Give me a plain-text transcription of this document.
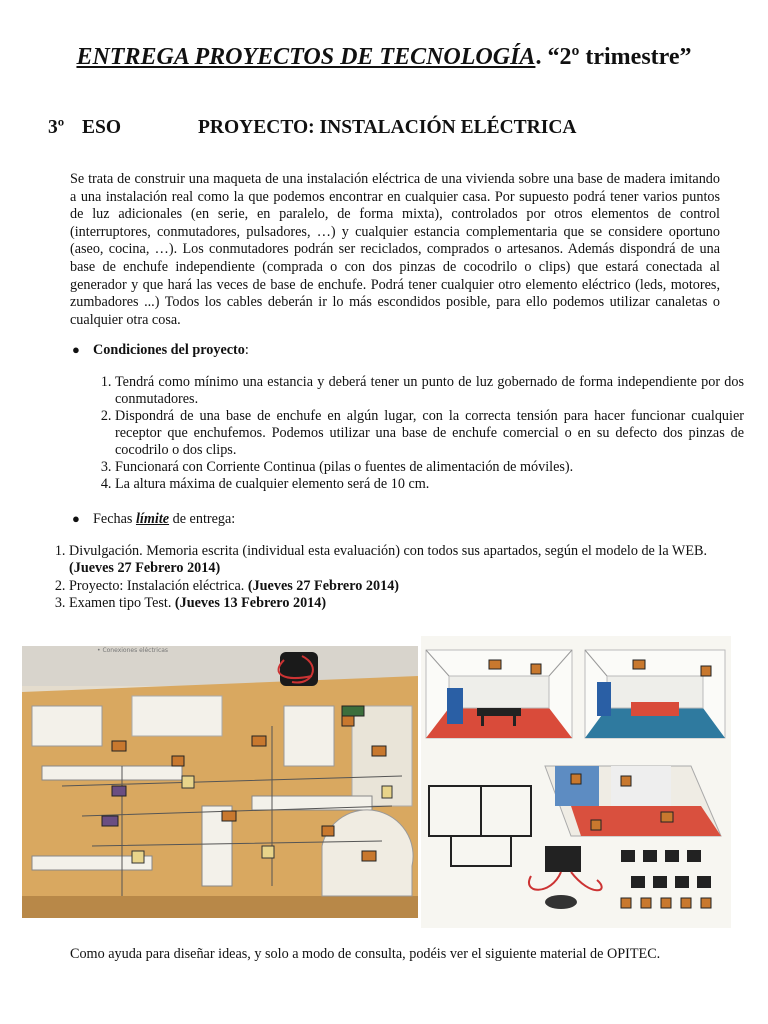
ENTREGA PROYECTOS DE TECNOLOGÍA. “2º trimestre”
3º ESO	PROYECTO: INSTALACIÓN ELÉCTRICA

Se trata de construir una maqueta de una instalación eléctrica de una vivienda sobre una base de madera imitando a una instalación real como la que podemos encontrar en cualquier casa. Por supuesto podrá tener varios puntos de luz adicionales (en serie, en paralelo, de forma mixta), controlados por otros elementos de control (interruptores, conmutadores, pulsadores, …) y cualquier estancia complementaria que se considere oportuno (aseo, cocina, …). Los conmutadores podrán ser reciclados, comprados o artesanos. Además dispondrá de una base de enchufe independiente (comprada o con dos pinzas de cocodrilo o clips) que estará conectada al generador y que hará las veces de base de enchufe. Podrá tener cualquier otro elemento eléctrico (leds, motores, zumbadores ...) Todos los cables deberán ir lo más escondidos posible, para ello podemos utilizar canaletas o cualquier otra cosa.

● Condiciones del proyecto:
1. Tendrá como mínimo una estancia y deberá tener un punto de luz gobernado de forma independiente por dos conmutadores.
2. Dispondrá de una base de enchufe en algún lugar, con la correcta tensión para hacer funcionar cualquier receptor que enchufemos. Podemos utilizar una base de enchufe comercial o en su defecto dos pinzas de cocodrilo o dos clips.
3. Funcionará con Corriente Continua (pilas o fuentes de alimentación de móviles).
4. La altura máxima de cualquier elemento será de 10 cm.
● Fechas límite de entrega:
1. Divulgación. Memoria escrita (individual esta evaluación) con todos sus apartados, según el modelo de la WEB. (Jueves 27 Febrero 2014)
2. Proyecto: Instalación eléctrica. (Jueves 27 Febrero 2014)
3. Examen tipo Test. (Jueves 13 Febrero 2014)
• Conexiones eléctricas

Como ayuda para diseñar ideas, y solo a modo de consulta, podéis ver el siguiente material de OPITEC.
